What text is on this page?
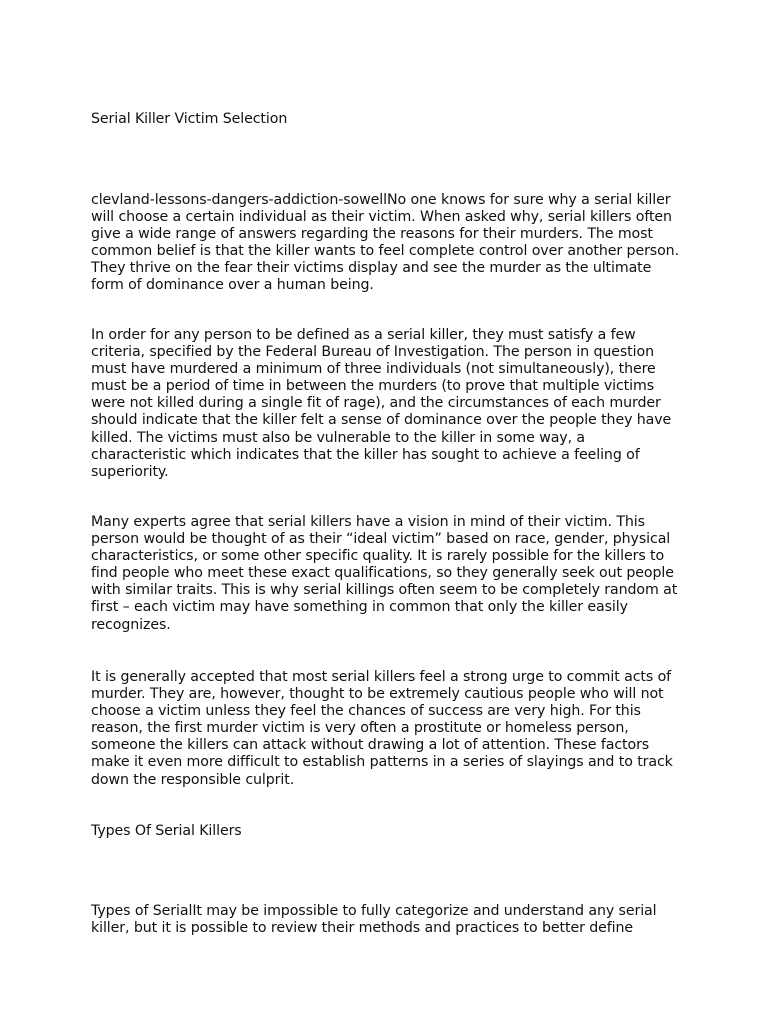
Serial Killer Victim Selection

clevland-lessons-dangers-addiction-sowellNo one knows for sure why a serial killer will choose a certain individual as their victim. When asked why, serial killers often give a wide range of answers regarding the reasons for their murders. The most common belief is that the killer wants to feel complete control over another person. They thrive on the fear their victims display and see the murder as the ultimate form of dominance over a human being.

In order for any person to be defined as a serial killer, they must satisfy a few criteria, specified by the Federal Bureau of Investigation. The person in question must have murdered a minimum of three individuals (not simultaneously), there must be a period of time in between the murders (to prove that multiple victims were not killed during a single fit of rage), and the circumstances of each murder should indicate that the killer felt a sense of dominance over the people they have killed. The victims must also be vulnerable to the killer in some way, a characteristic which indicates that the killer has sought to achieve a feeling of superiority.

Many experts agree that serial killers have a vision in mind of their victim. This person would be thought of as their “ideal victim” based on race, gender, physical characteristics, or some other specific quality. It is rarely possible for the killers to find people who meet these exact qualifications, so they generally seek out people with similar traits. This is why serial killings often seem to be completely random at first – each victim may have something in common that only the killer easily recognizes.

It is generally accepted that most serial killers feel a strong urge to commit acts of murder. They are, however, thought to be extremely cautious people who will not choose a victim unless they feel the chances of success are very high. For this reason, the first murder victim is very often a prostitute or homeless person, someone the killers can attack without drawing a lot of attention. These factors make it even more difficult to establish patterns in a series of slayings and to track down the responsible culprit.

Types Of Serial Killers

Types of SerialIt may be impossible to fully categorize and understand any serial killer, but it is possible to review their methods and practices to better define
